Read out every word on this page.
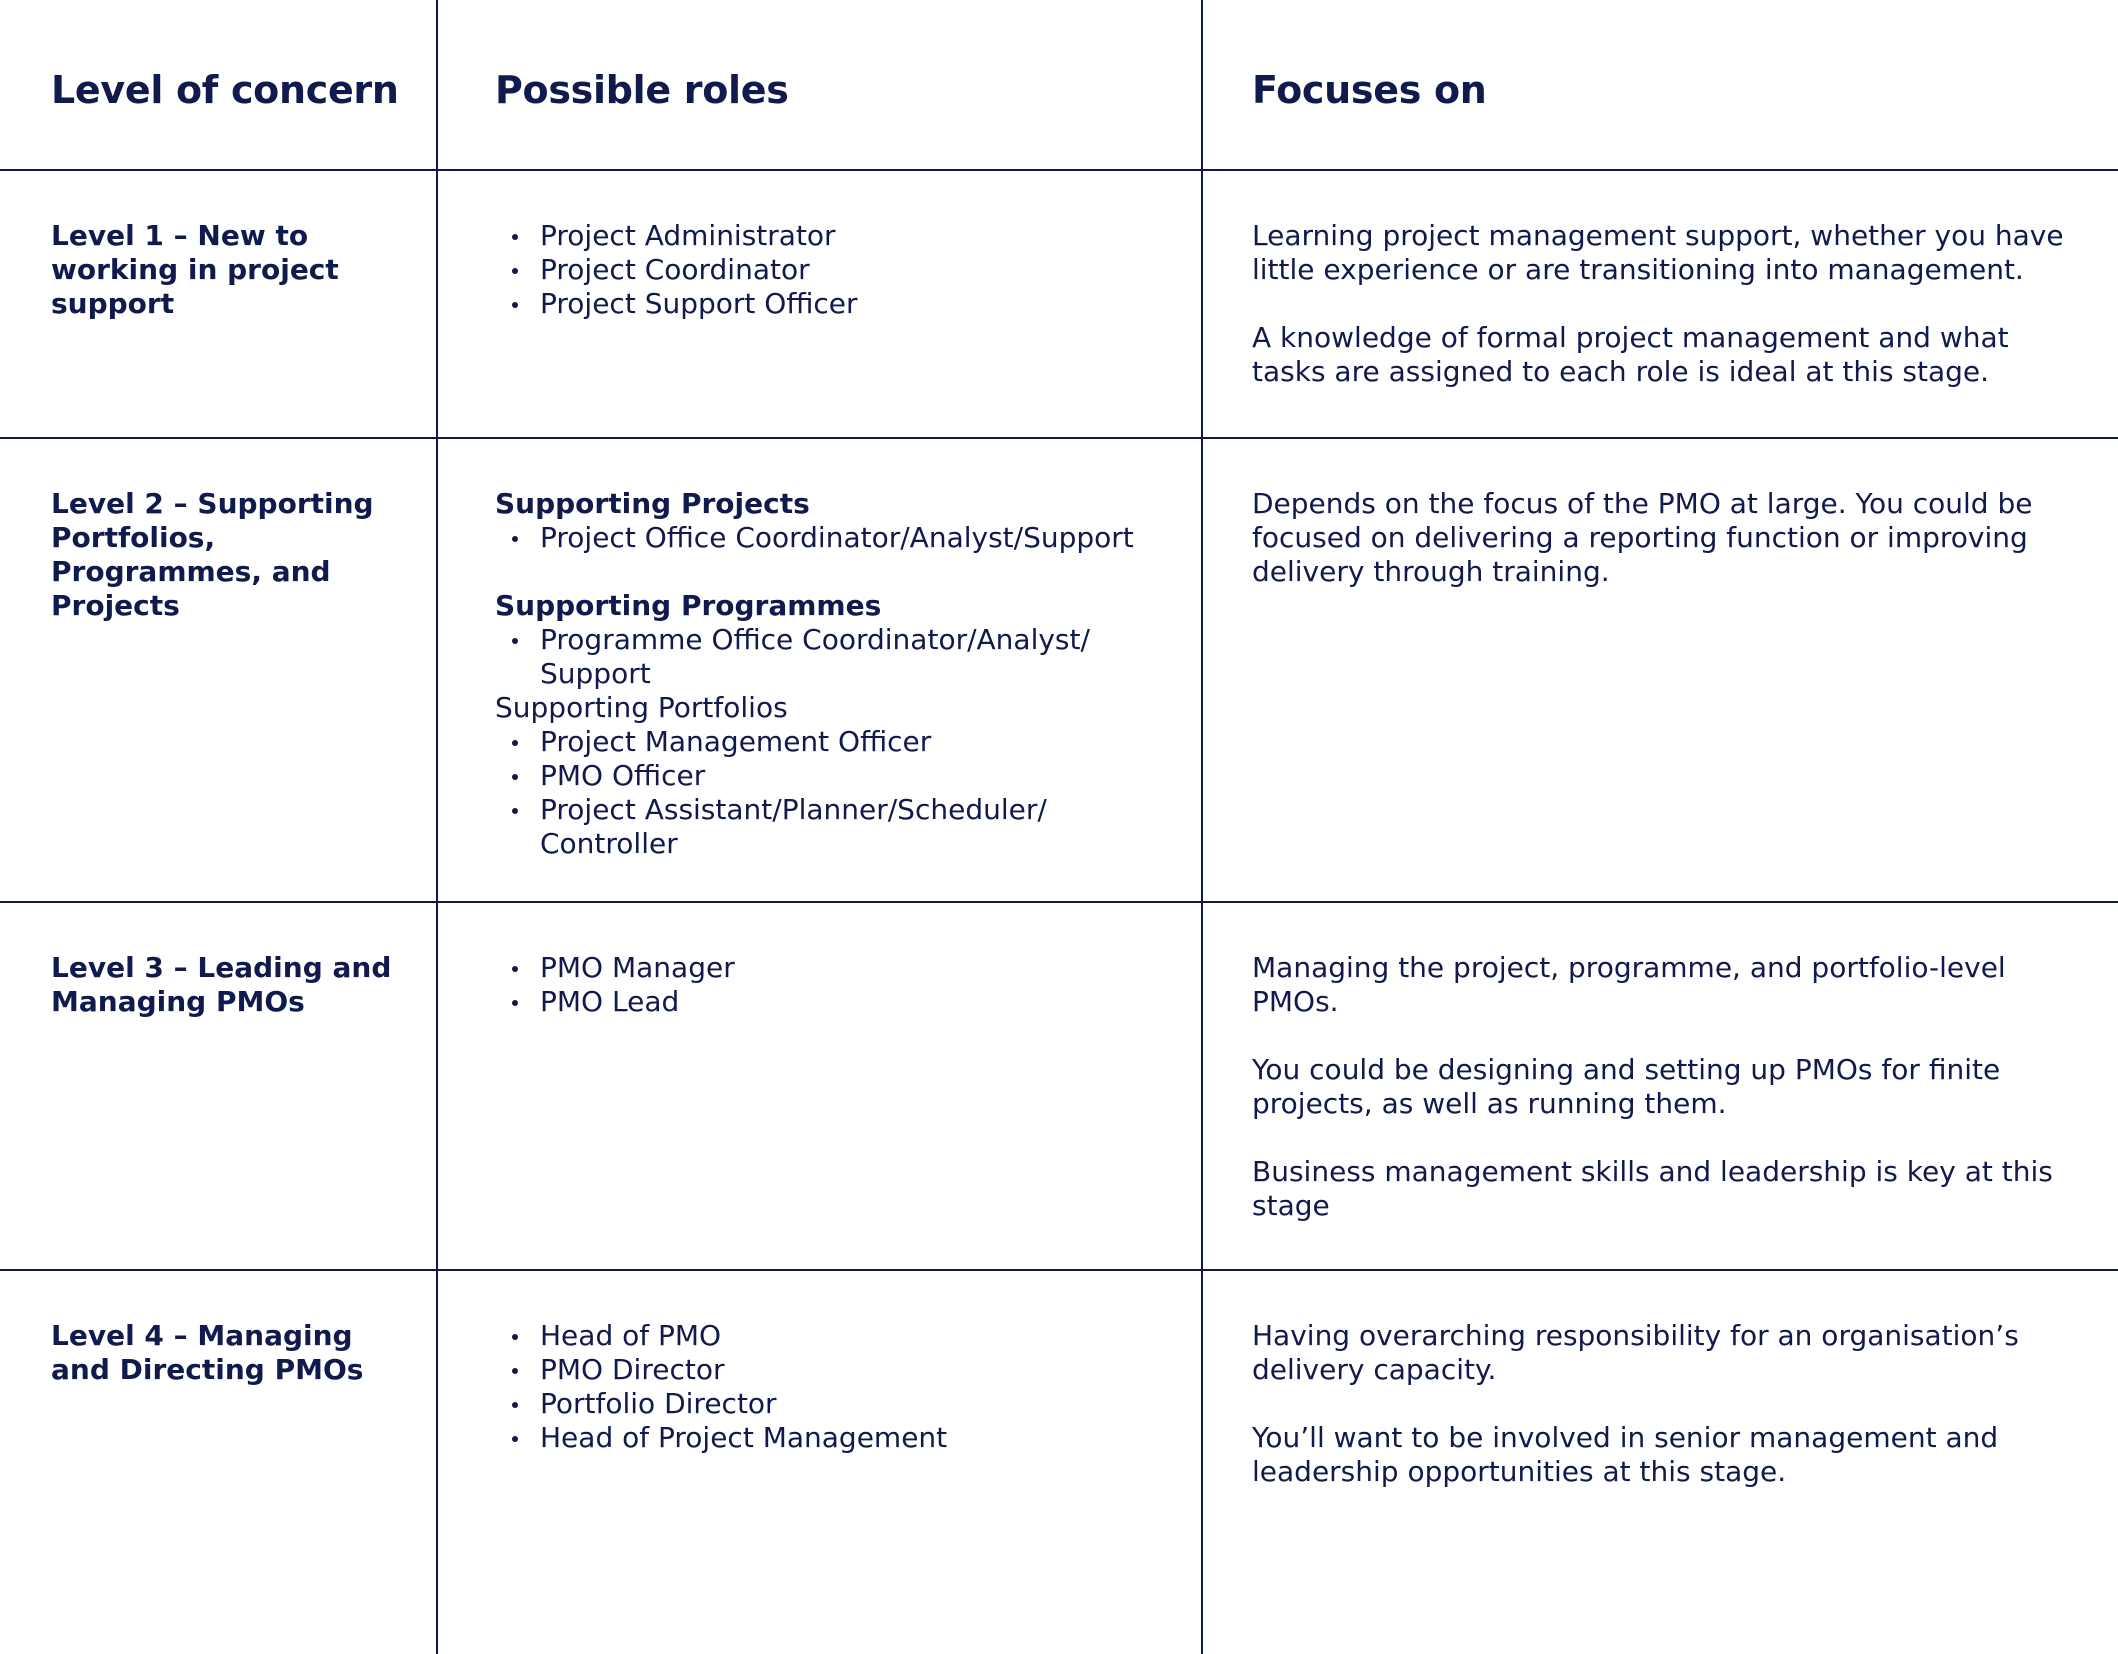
Level of concern	Possible roles	Focuses on
Level 1 – New to working in project support
Project Administrator
Project Coordinator
Project Support Officer

Learning project management support, whether you have little experience or are transitioning into management.

A knowledge of formal project management and what tasks are assigned to each role is ideal at this stage.

Level 2 – Supporting Portfolios, Programmes, and Projects
Supporting Projects
Project Office Coordinator/Analyst/Support
Supporting Programmes
Programme Office Coordinator/Analyst/ Support
Supporting Portfolios
Project Management Officer
PMO Officer
Project Assistant/Planner/Scheduler/ Controller

Depends on the focus of the PMO at large. You could be focused on delivering a reporting function or improving delivery through training.

Level 3 – Leading and Managing PMOs
PMO Manager
PMO Lead

Managing the project, programme, and portfolio-level PMOs.

You could be designing and setting up PMOs for finite projects, as well as running them.

Business management skills and leadership is key at this stage

Level 4 – Managing and Directing PMOs
Head of PMO
PMO Director
Portfolio Director
Head of Project Management

Having overarching responsibility for an organisation’s delivery capacity.

You’ll want to be involved in senior management and leadership opportunities at this stage.
